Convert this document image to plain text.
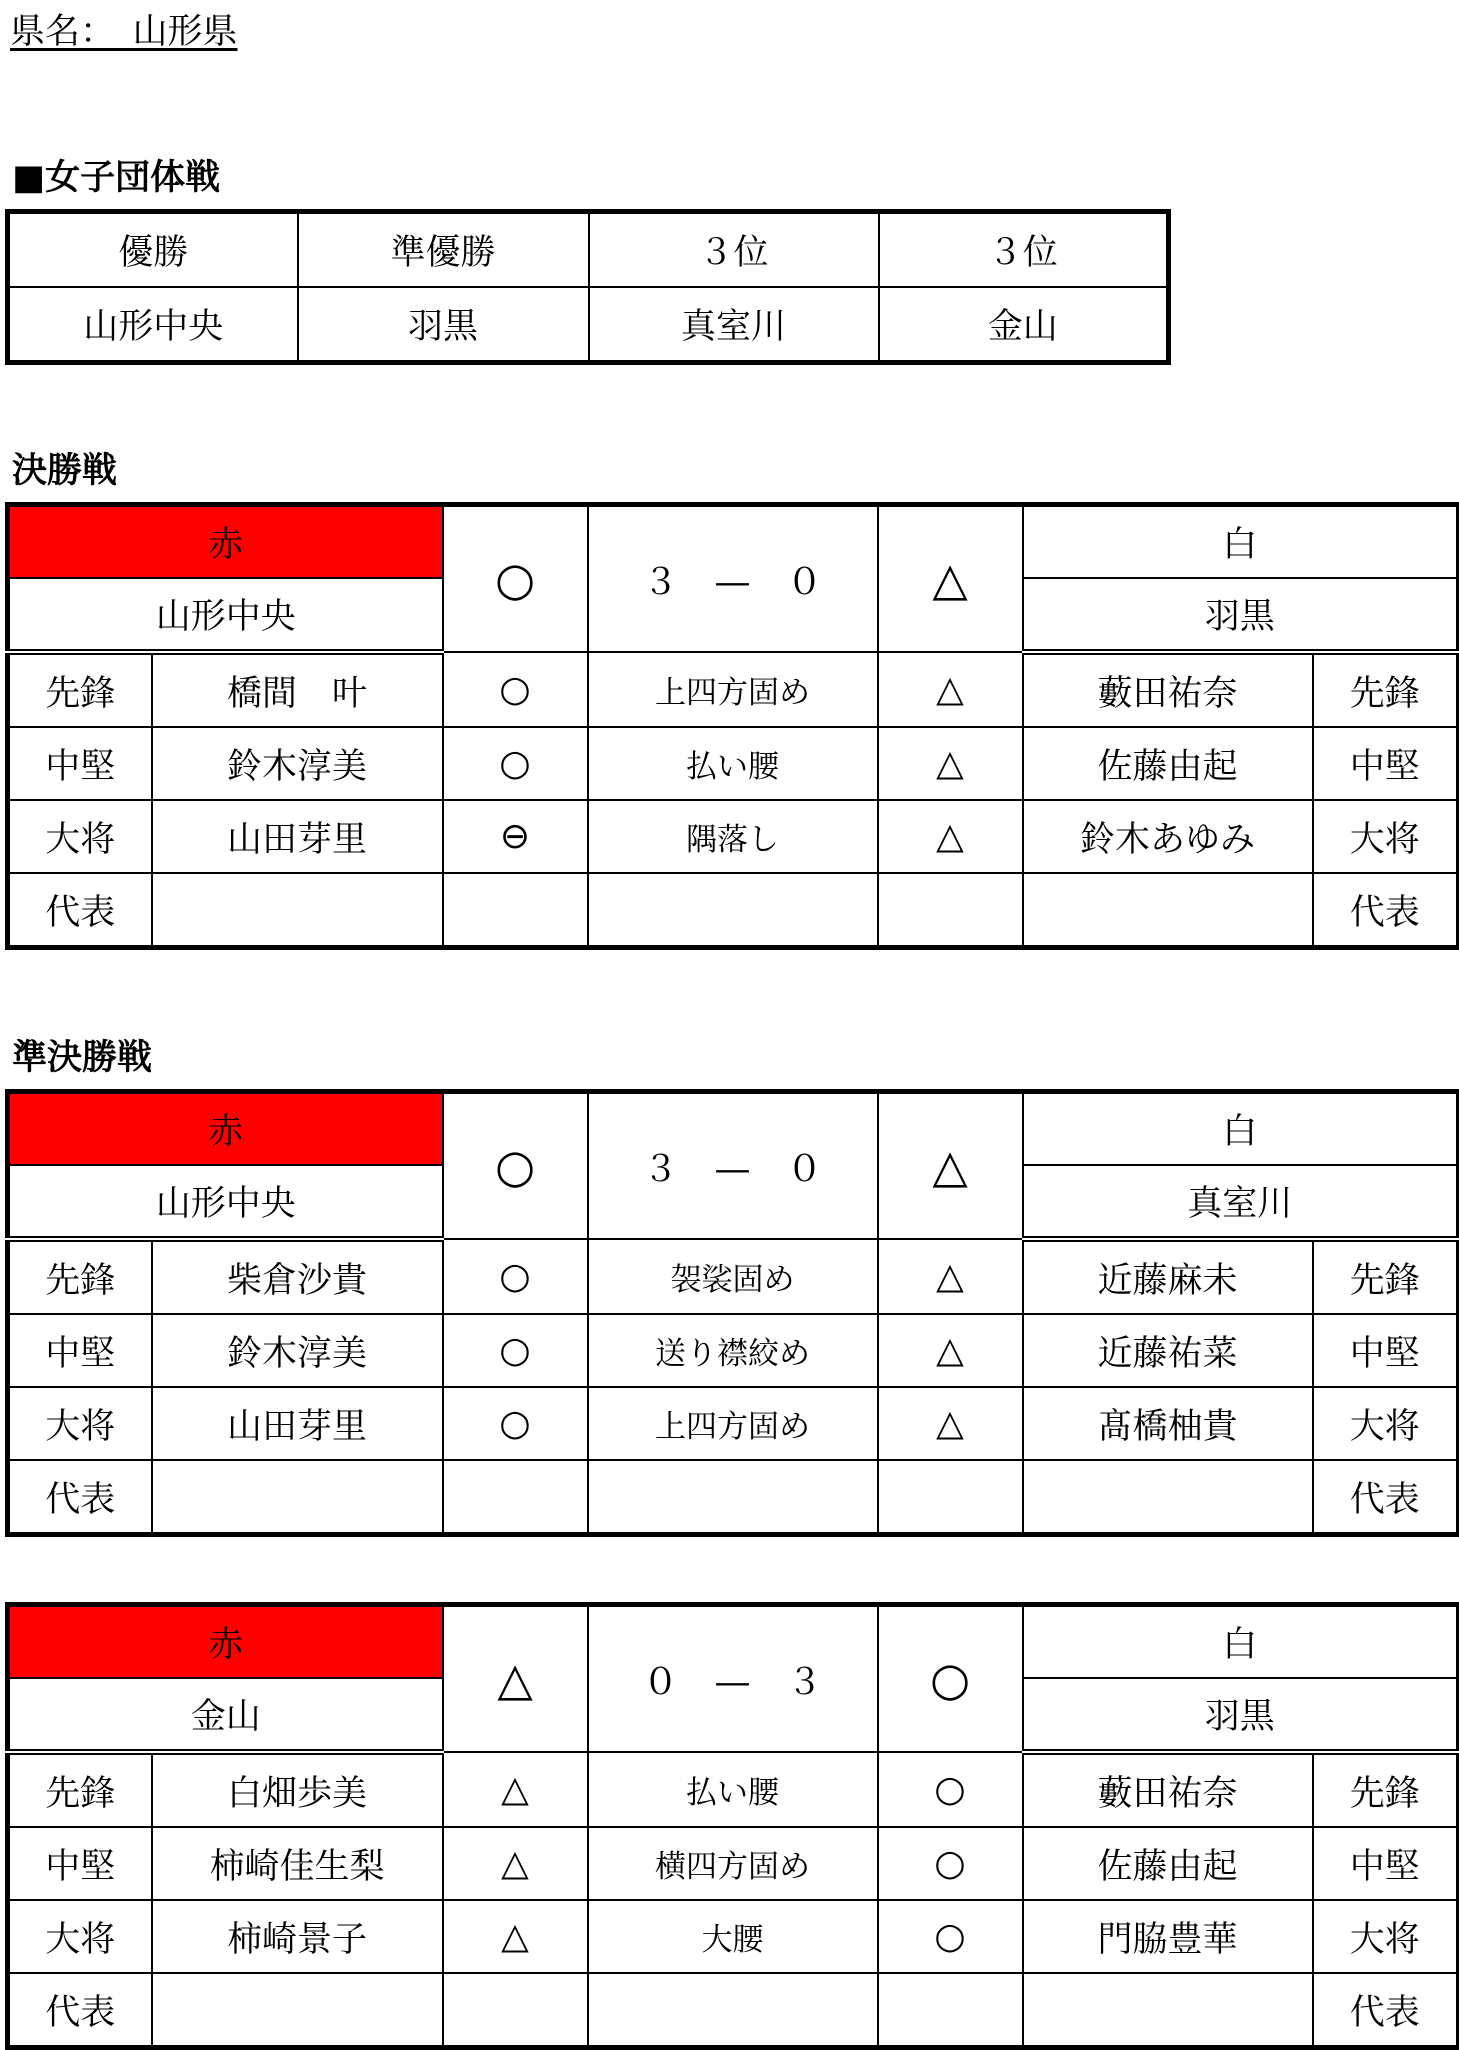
県名：　山形県
■女子団体戦
優勝	準優勝	３位	３位
山形中央	羽黒	真室川	金山
決勝戦
赤		○	３　—　０	△	白	
山形中央					羽黒	
先鋒	橋間　叶	○	上四方固め	△	藪田祐奈	先鋒
中堅	鈴木淳美	○	払い腰	△	佐藤由起	中堅
大将	山田芽里	⊖	隅落し	△	鈴木あゆみ	大将
代表						代表
準決勝戦
赤		○	３　—　０	△	白	
山形中央					真室川	
先鋒	柴倉沙貴	○	袈裟固め	△	近藤麻未	先鋒
中堅	鈴木淳美	○	送り襟絞め	△	近藤祐菜	中堅
大将	山田芽里	○	上四方固め	△	髙橋柚貴	大将
代表						代表
赤		△	０　—　３	○	白	
金山					羽黒	
先鋒	白畑歩美	△	払い腰	○	藪田祐奈	先鋒
中堅	柿崎佳生梨	△	横四方固め	○	佐藤由起	中堅
大将	柿崎景子	△	大腰	○	門脇豊華	大将
代表						代表
